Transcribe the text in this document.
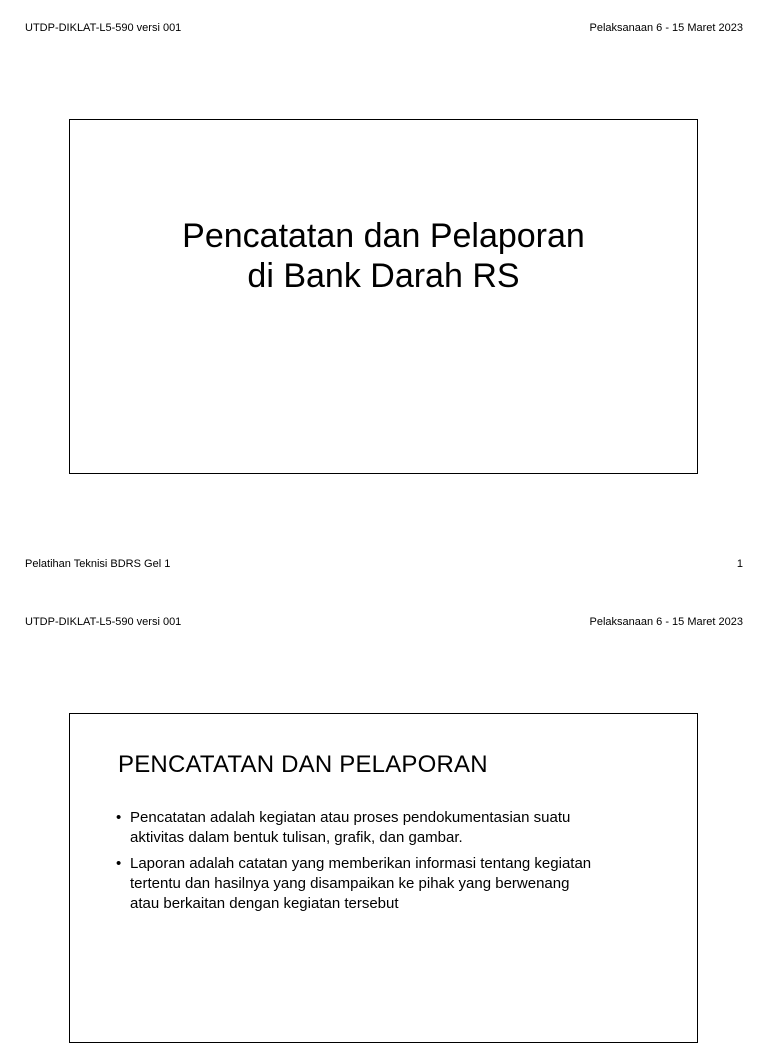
UTDP-DIKLAT-L5-590 versi 001	Pelaksanaan 6 - 15 Maret 2023
Pencatatan dan Pelaporan
di Bank Darah RS
Pelatihan Teknisi BDRS Gel 1	1
UTDP-DIKLAT-L5-590 versi 001	Pelaksanaan 6 - 15 Maret 2023
PENCATATAN DAN PELAPORAN
• Pencatatan adalah kegiatan atau proses pendokumentasian suatu
aktivitas dalam bentuk tulisan, grafik, dan gambar.
• Laporan adalah catatan yang memberikan informasi tentang kegiatan
tertentu dan hasilnya yang disampaikan ke pihak yang berwenang
atau berkaitan dengan kegiatan tersebut
